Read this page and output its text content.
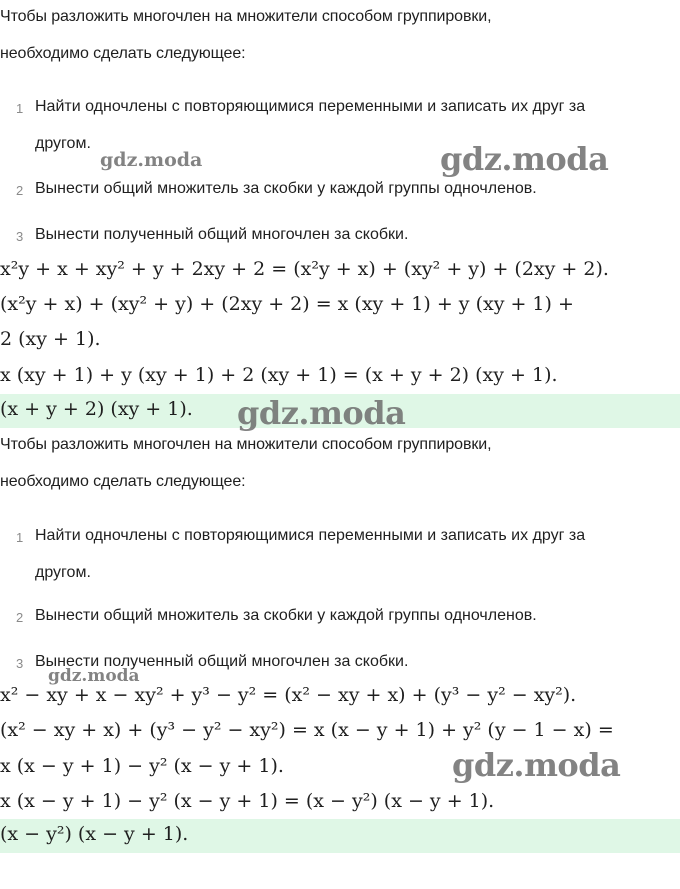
Чтобы разложить многочлен на множители способом группировки,
необходимо сделать следующее:
1 Найти одночлены с повторяющимися переменными и записать их друг за
другом.
2 Вынести общий множитель за скобки у каждой группы одночленов.
3 Вынести полученный общий многочлен за скобки.
x²y + x + xy² + y + 2xy + 2 = (x²y + x) + (xy² + y) + (2xy + 2).
(x²y + x) + (xy² + y) + (2xy + 2) = x (xy + 1) + y (xy + 1) +
2 (xy + 1).
x (xy + 1) + y (xy + 1) + 2 (xy + 1) = (x + y + 2) (xy + 1).
(x + y + 2) (xy + 1).
Чтобы разложить многочлен на множители способом группировки,
необходимо сделать следующее:
1 Найти одночлены с повторяющимися переменными и записать их друг за
другом.
2 Вынести общий множитель за скобки у каждой группы одночленов.
3 Вынести полученный общий многочлен за скобки.
x² − xy + x − xy² + y³ − y² = (x² − xy + x) + (y³ − y² − xy²).
(x² − xy + x) + (y³ − y² − xy²) = x (x − y + 1) + y² (y − 1 − x) =
x (x − y + 1) − y² (x − y + 1).
x (x − y + 1) − y² (x − y + 1) = (x − y²) (x − y + 1).
(x − y²) (x − y + 1).
gdz.moda	gdz.moda
gdz.moda
gdz.moda
gdz.moda
